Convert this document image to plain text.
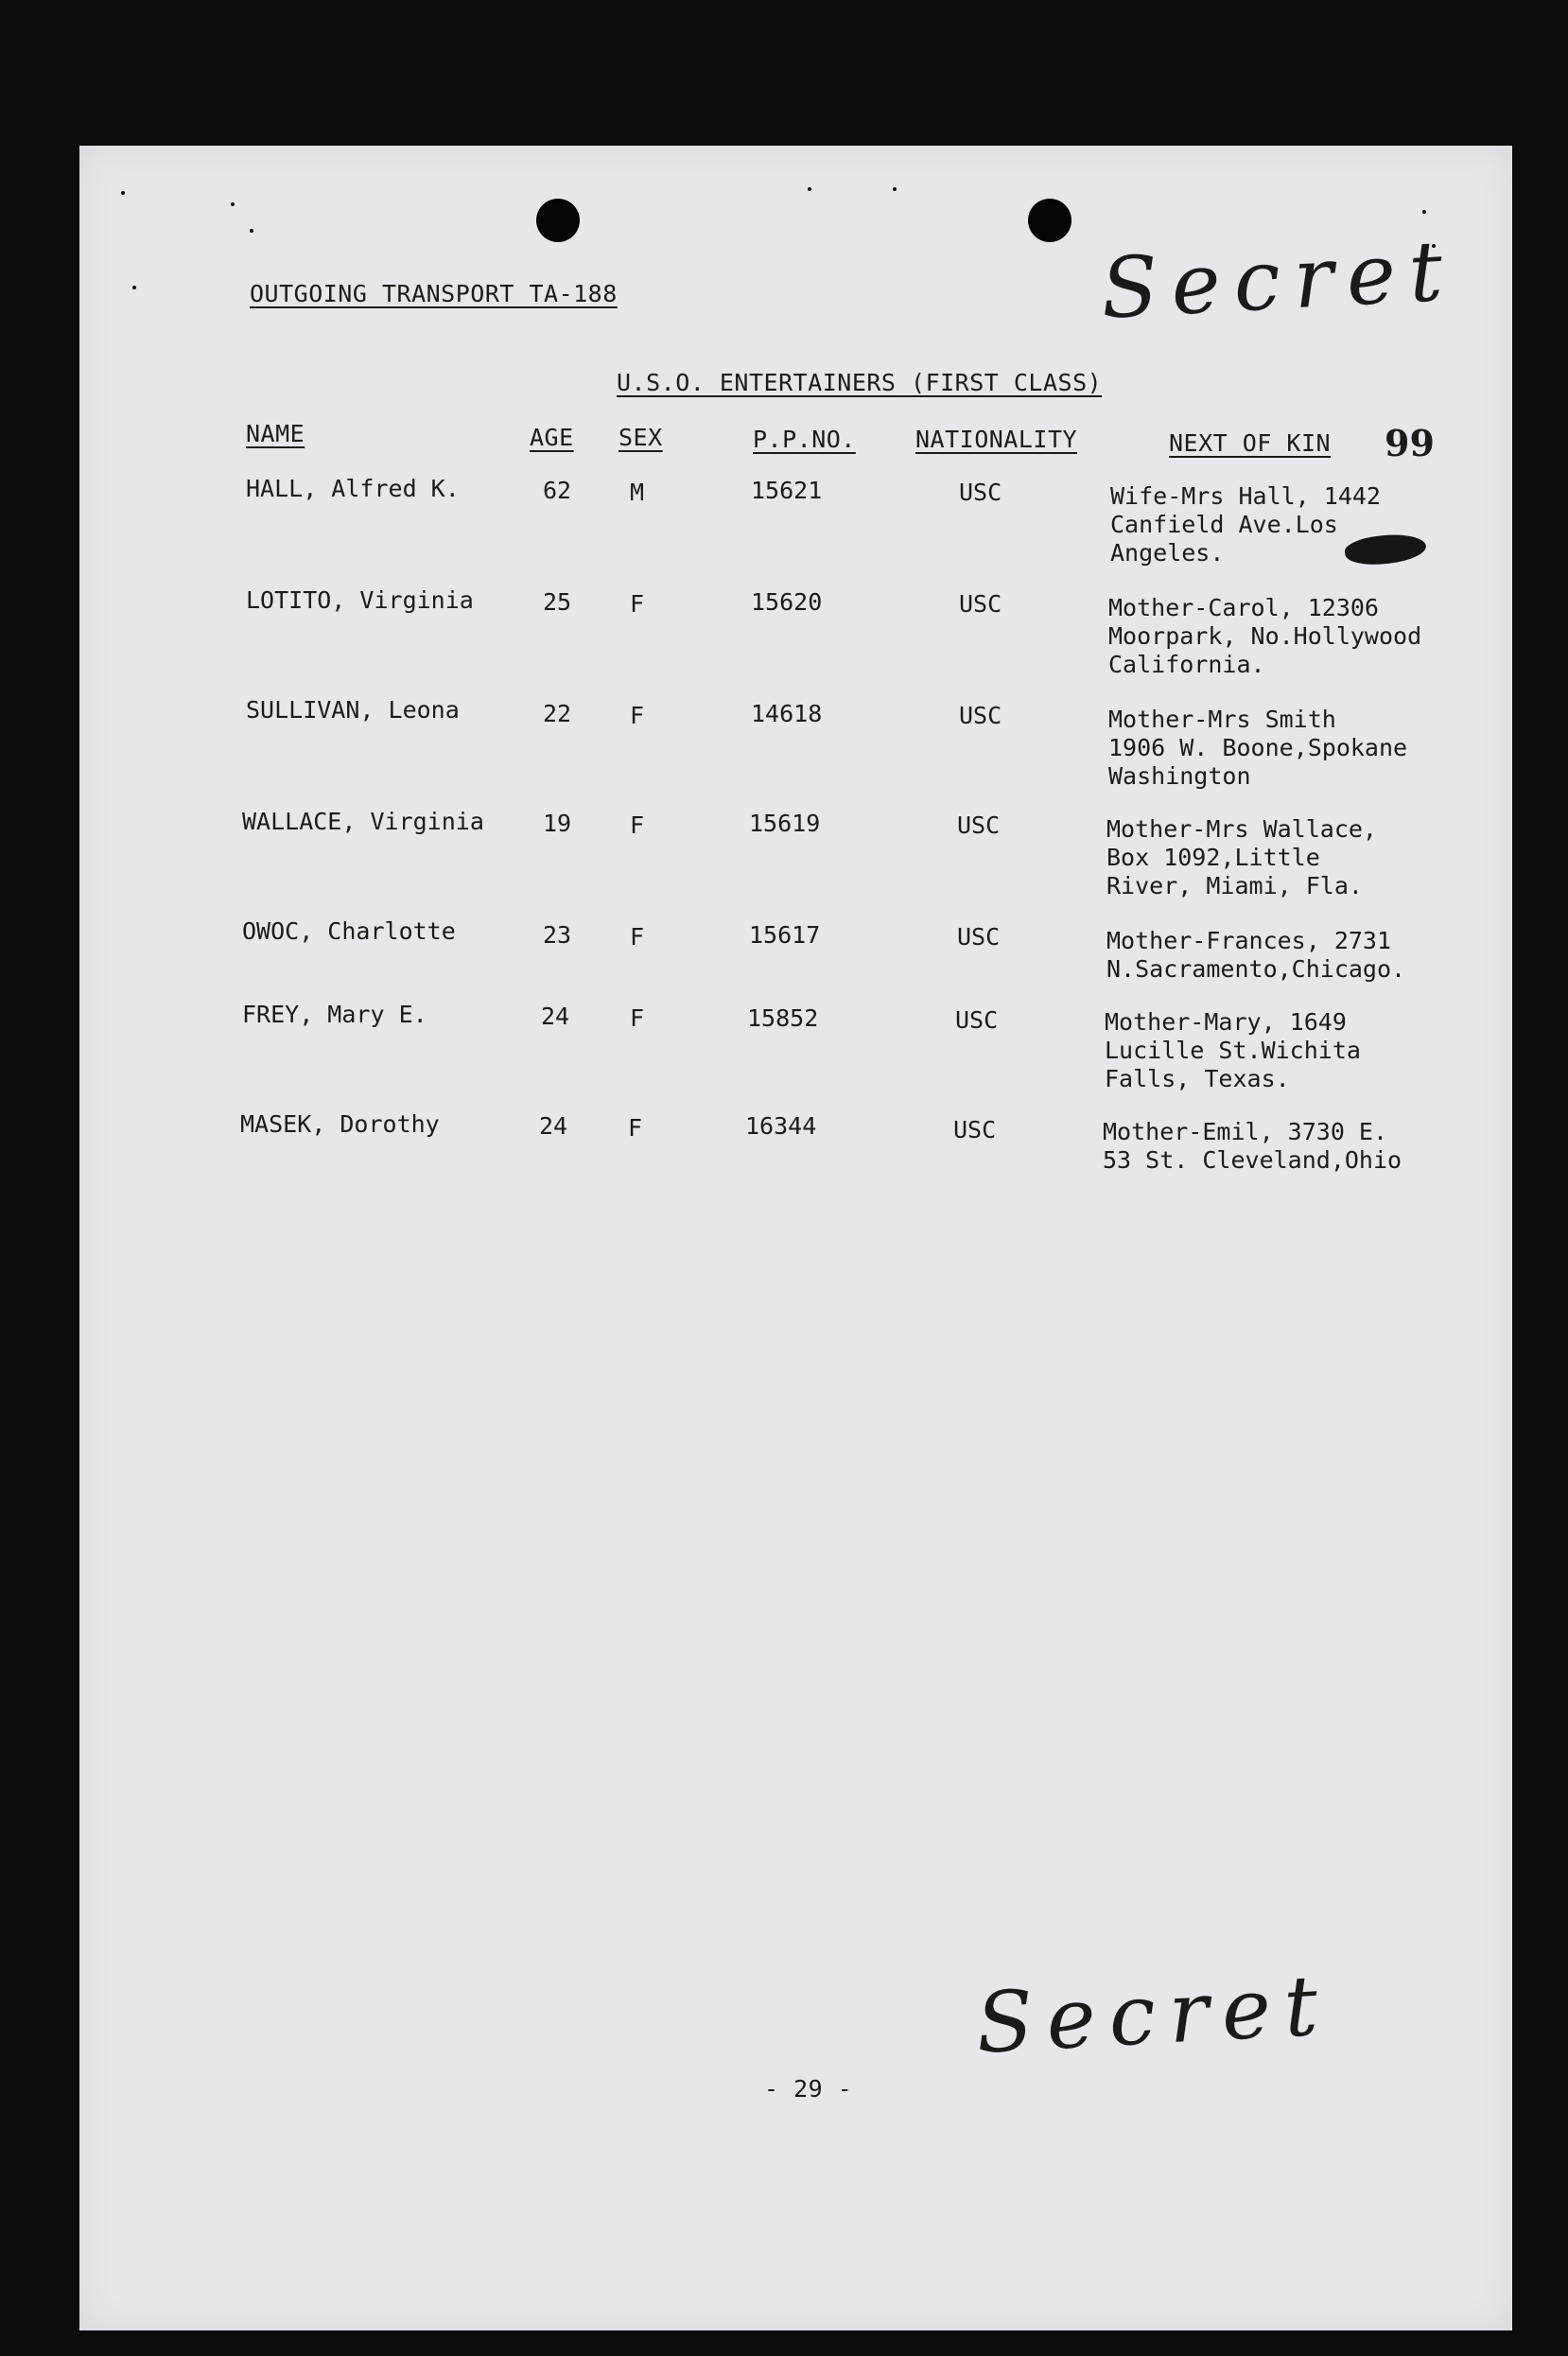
OUTGOING TRANSPORT TA-188	Secret
U.S.O. ENTERTAINERS (FIRST CLASS)
NAME	AGE SEX	P.P.NO.	NATIONALITY	NEXT OF KIN 99
HALL, Alfred K.	62 M	15621	USC	Wife-Mrs Hall, 1442
Canfield Ave.Los
Angeles.
LOTITO, Virginia	25 F	15620	USC	Mother-Carol, 12306
Moorpark, No.Hollywood
California.
SULLIVAN, Leona	22 F	14618	USC	Mother-Mrs Smith
1906 W. Boone,Spokane
Washington
WALLACE, Virginia 19 F	15619	USC	Mother-Mrs Wallace,
Box 1092,Little
River, Miami, Fla.
OWOC, Charlotte	23 F	15617	USC	Mother-Frances, 2731
N.Sacramento,Chicago.
FREY, Mary E.	24	F	15852	USC	Mother-Mary, 1649
Lucille St.Wichita
Falls, Texas.
MASEK, Dorothy	24	F	16344	USC	Mother-Emil, 3730 E.
53 St. Cleveland,Ohio
Secret
- 29 -
